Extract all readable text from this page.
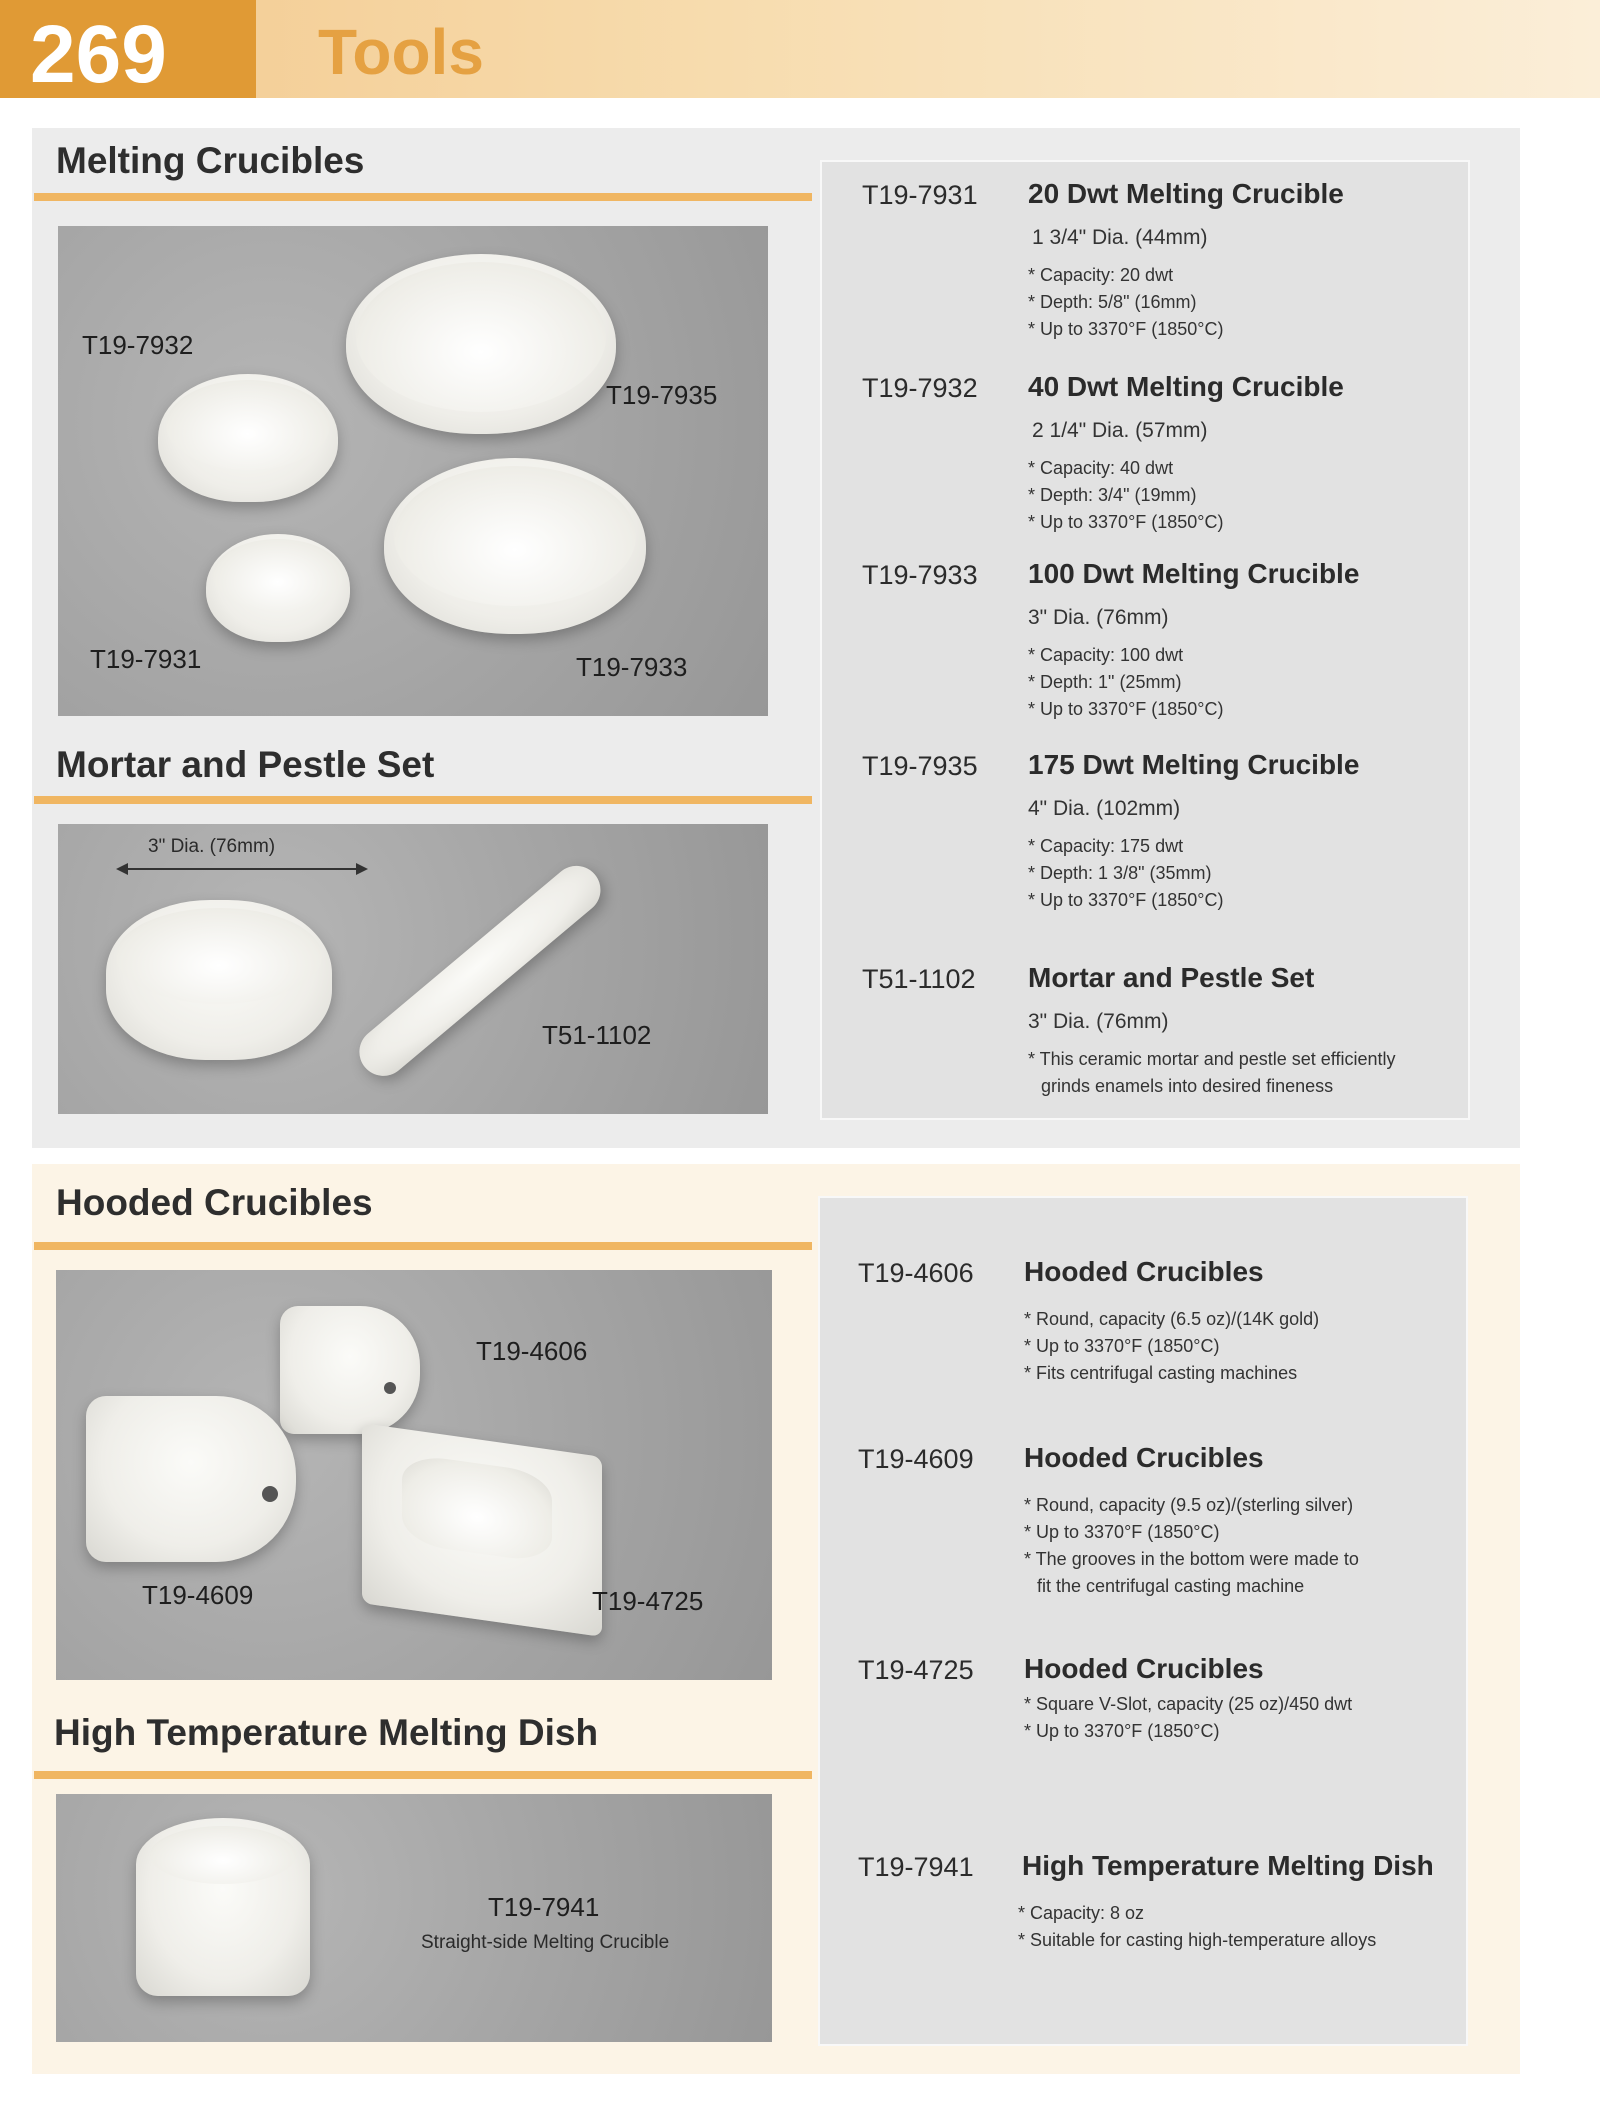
269	Tools
Melting Crucibles
T19-7932
T19-7935
T19-7931	T19-7933
Mortar and Pestle Set
3" Dia. (76mm)
T51-1102
T19-7931 20 Dwt Melting Crucible
1 3/4" Dia. (44mm)
* Capacity: 20 dwt
* Depth: 5/8" (16mm)
* Up to 3370°F (1850°C)
T19-7932 40 Dwt Melting Crucible
2 1/4" Dia. (57mm)
* Capacity: 40 dwt
* Depth: 3/4" (19mm)
* Up to 3370°F (1850°C)
T19-7933 100 Dwt Melting Crucible
3" Dia. (76mm)
* Capacity: 100 dwt
* Depth: 1" (25mm)
* Up to 3370°F (1850°C)
T19-7935 175 Dwt Melting Crucible
4" Dia. (102mm)
* Capacity: 175 dwt
* Depth: 1 3/8" (35mm)
* Up to 3370°F (1850°C)
T51-1102 Mortar and Pestle Set
3" Dia. (76mm)
* This ceramic mortar and pestle set efficiently
grinds enamels into desired fineness
Hooded Crucibles
T19-4606
T19-4609	T19-4725
High Temperature Melting Dish
T19-7941
Straight-side Melting Crucible
T19-4606 Hooded Crucibles
* Round, capacity (6.5 oz)/(14K gold)
* Up to 3370°F (1850°C)
* Fits centrifugal casting machines
T19-4609 Hooded Crucibles
* Round, capacity (9.5 oz)/(sterling silver)
* Up to 3370°F (1850°C)
* The grooves in the bottom were made to
fit the centrifugal casting machine
T19-4725 Hooded Crucibles
* Square V-Slot, capacity (25 oz)/450 dwt
* Up to 3370°F (1850°C)
T19-7941 High Temperature Melting Dish
* Capacity: 8 oz
* Suitable for casting high-temperature alloys
